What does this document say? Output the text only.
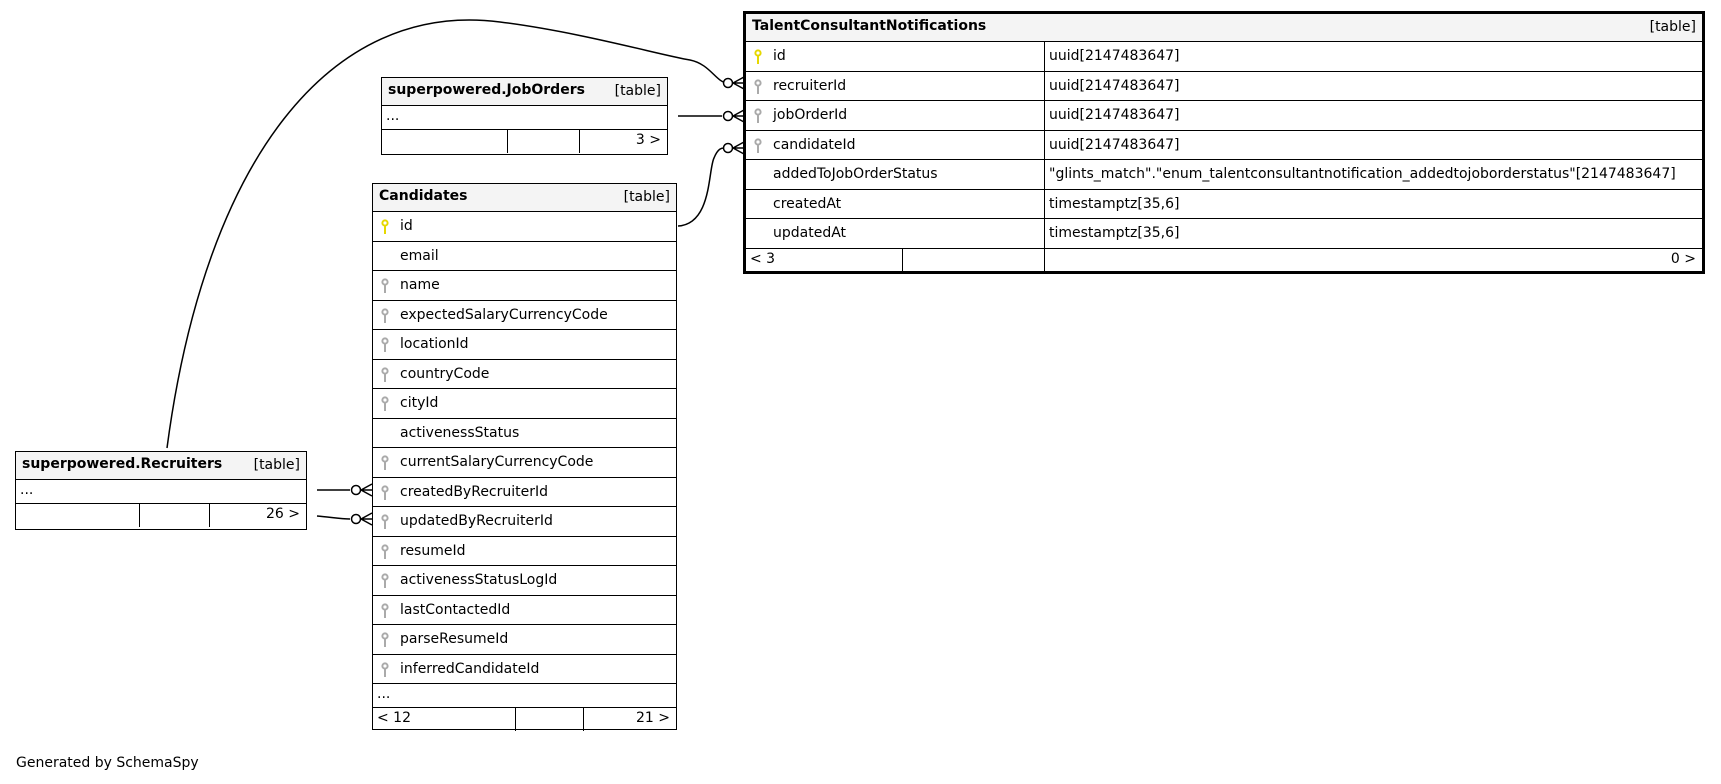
TalentConsultantNotifications	[table]
id	uuid[2147483647]
recruiterId	uuid[2147483647]
jobOrderId	uuid[2147483647]
candidateId	uuid[2147483647]
addedToJobOrderStatus	"glints_match"."enum_talentconsultantnotification_addedtojoborderstatus"[2147483647]
createdAt	timestamptz[35,6]
updatedAt	timestamptz[35,6]
< 3	0 >
superpowered.JobOrders [table]
...
3 >
Candidates	[table]
id
email
name
expectedSalaryCurrencyCode
locationId
countryCode
cityId
activenessStatus
currentSalaryCurrencyCode
createdByRecruiterId
updatedByRecruiterId
resumeId
activenessStatusLogId
lastContactedId
parseResumeId
inferredCandidateId
...
< 12	21 >
superpowered.Recruiters [table]
...
26 >
Generated by SchemaSpy
